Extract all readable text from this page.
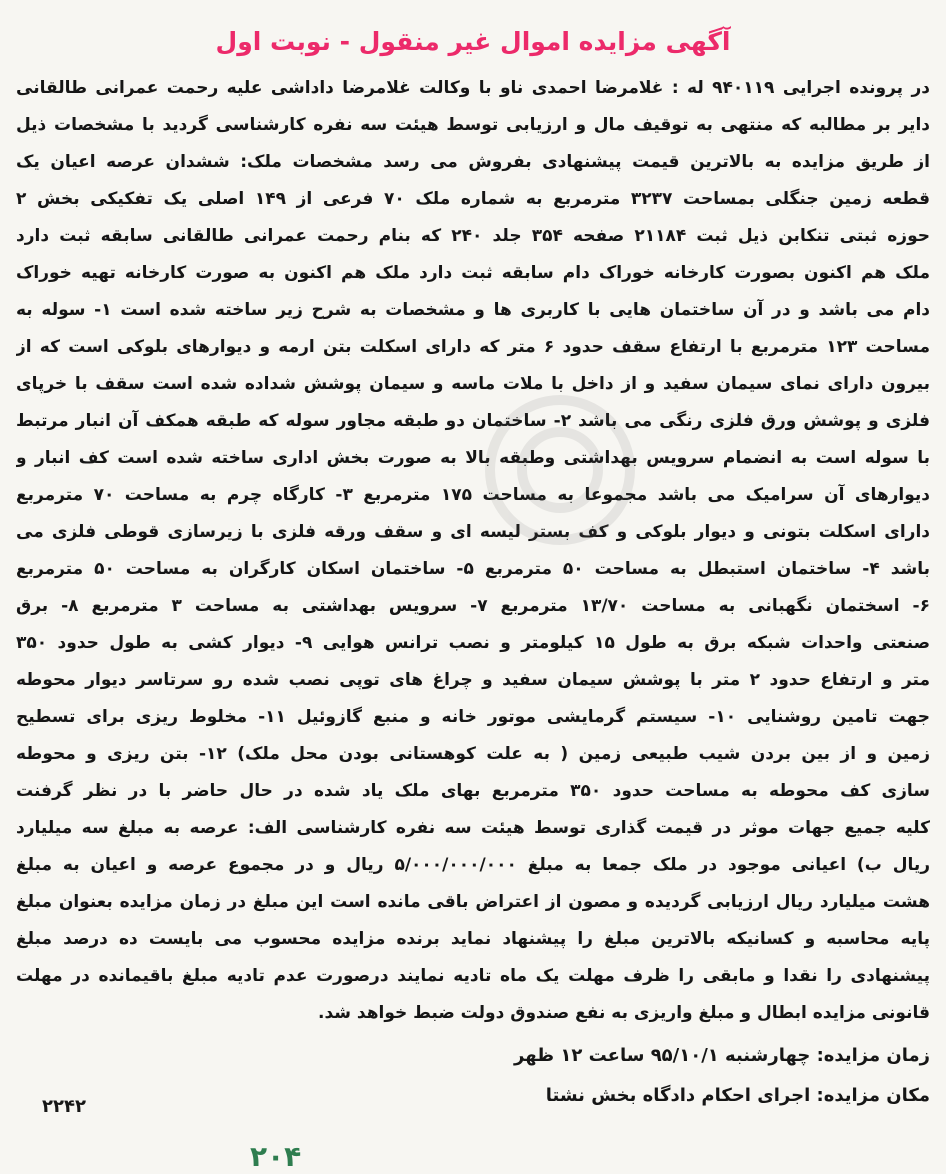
آگهی مزایده اموال غیر منقول - نوبت اول
در پرونده اجرایی ۹۴۰۱۱۹ له : غلامرضا احمدی ناو با وکالت غلامرضا داداشی علیه رحمت عمرانی طالقانی
دایر بر مطالبه که منتهی به توقیف مال و ارزیابی توسط هیئت سه نفره کارشناسی گردید با مشخصات ذیل
از طریق مزایده به بالاترین قیمت پیشنهادی بفروش می رسد مشخصات ملک: ششدان عرصه اعیان یک
قطعه زمین جنگلی بمساحت ۳۲۳۷ مترمربع به شماره ملک ۷۰ فرعی از ۱۴۹ اصلی یک تفکیکی بخش ۲
حوزه ثبتی تنکابن ذیل ثبت ۲۱۱۸۴ صفحه ۳۵۴ جلد ۲۴۰ که بنام رحمت عمرانی طالقانی سابقه ثبت دارد
ملک هم اکنون بصورت کارخانه خوراک دام سابقه ثبت دارد ملک هم اکنون به صورت کارخانه تهیه خوراک
دام می باشد و در آن ساختمان هایی با کاربری ها و مشخصات به شرح زیر ساخته شده است ۱- سوله به
مساحت ۱۲۳ مترمربع با ارتفاع سقف حدود ۶ متر که دارای اسکلت بتن ارمه و دیوارهای بلوکی است که از
بیرون دارای نمای سیمان سفید و از داخل با ملات ماسه و سیمان پوشش شداده شده است سقف با خرپای
فلزی و پوشش ورق فلزی رنگی می باشد ۲- ساختمان دو طبقه مجاور سوله که طبقه همکف آن انبار مرتبط
با سوله است به انضمام سرویس بهداشتی وطبقه بالا به صورت بخش اداری ساخته شده است کف انبار و
دیوارهای آن سرامیک می باشد مجموعا به مساحت ۱۷۵ مترمربع ۳- کارگاه چرم به مساحت ۷۰ مترمربع
دارای اسکلت بتونی و دیوار بلوکی و کف بستر لیسه ای و سقف ورقه فلزی با زیرسازی قوطی فلزی می
باشد ۴- ساختمان استبطل به مساحت ۵۰ مترمربع ۵- ساختمان اسکان کارگران به مساحت ۵۰ مترمربع
۶- اسختمان نگهبانی به مساحت ۱۳/۷۰ مترمربع ۷- سرویس بهداشتی به مساحت ۳ مترمربع ۸- برق
صنعتی واحدات شبکه برق به طول ۱۵ کیلومتر و نصب ترانس هوایی ۹- دیوار کشی به طول حدود ۳۵۰
متر و ارتفاع حدود ۲ متر با پوشش سیمان سفید و چراغ های توپی نصب شده رو سرتاسر دیوار محوطه
جهت تامین روشنایی ۱۰- سیستم گرمایشی موتور خانه و منبع گازوئیل ۱۱- مخلوط ریزی برای تسطیح
زمین و از بین بردن شیب طبیعی زمین ( به علت کوهستانی بودن محل ملک) ۱۲- بتن ریزی و محوطه
سازی کف محوطه به مساحت حدود ۳۵۰ مترمربع بهای ملک یاد شده در حال حاضر با در نظر گرفنت
کلیه جمیع جهات موثر در قیمت گذاری توسط هیئت سه نفره کارشناسی الف: عرصه به مبلغ سه میلیارد
ریال ب) اعیانی موجود در ملک جمعا به مبلغ ۵/۰۰۰/۰۰۰/۰۰۰ ریال و در مجموع عرصه و اعیان به مبلغ
هشت میلیارد ریال ارزیابی گردیده و مصون از اعتراض باقی مانده است این مبلغ در زمان مزایده بعنوان مبلغ
پایه محاسبه و کسانیکه بالاترین مبلغ را پیشنهاد نماید برنده مزایده محسوب می بایست ده درصد مبلغ
پیشنهادی را نقدا و مابقی را ظرف مهلت یک ماه تادیه نمایند درصورت عدم تادیه مبلغ باقیمانده در مهلت
قانونی مزایده ابطال و مبلغ واریزی به نفع صندوق دولت ضبط خواهد شد.
زمان مزایده: چهارشنبه ۹۵/۱۰/۱ ساعت ۱۲ ظهر
مکان مزایده: اجرای احکام دادگاه بخش نشتا
۲۲۴۲
۲۰۴
